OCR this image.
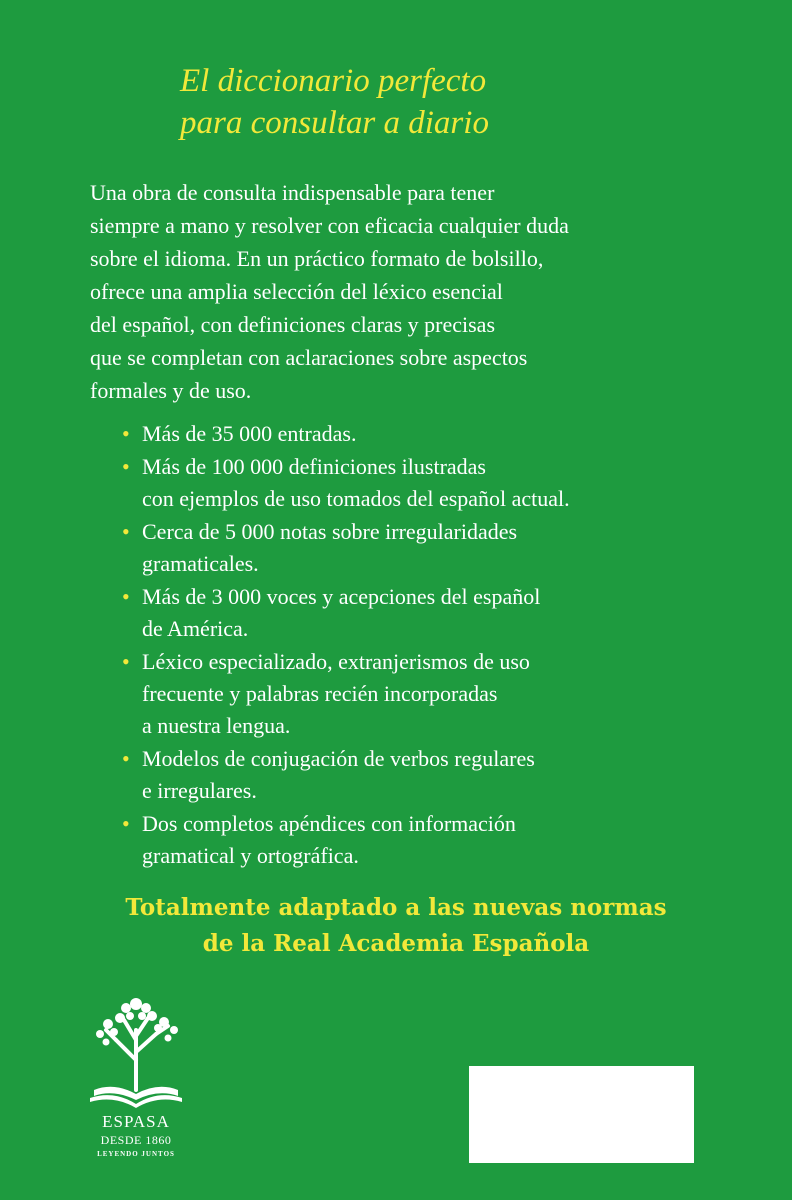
El diccionario perfecto
para consultar a diario
Una obra de consulta indispensable para tener
siempre a mano y resolver con eficacia cualquier duda
sobre el idioma. En un práctico formato de bolsillo,
ofrece una amplia selección del léxico esencial
del español, con definiciones claras y precisas
que se completan con aclaraciones sobre aspectos
formales y de uso.
• Más de 35 000 entradas.
• Más de 100 000 definiciones ilustradas
con ejemplos de uso tomados del español actual.
• Cerca de 5 000 notas sobre irregularidades
gramaticales.
• Más de 3 000 voces y acepciones del español
de América.
• Léxico especializado, extranjerismos de uso
frecuente y palabras recién incorporadas
a nuestra lengua.
• Modelos de conjugación de verbos regulares
e irregulares.
• Dos completos apéndices con información
gramatical y ortográfica.
Totalmente adaptado a las nuevas normas
de la Real Academia Española
ESPASA
DESDE 1860
LEYENDO JUNTOS
